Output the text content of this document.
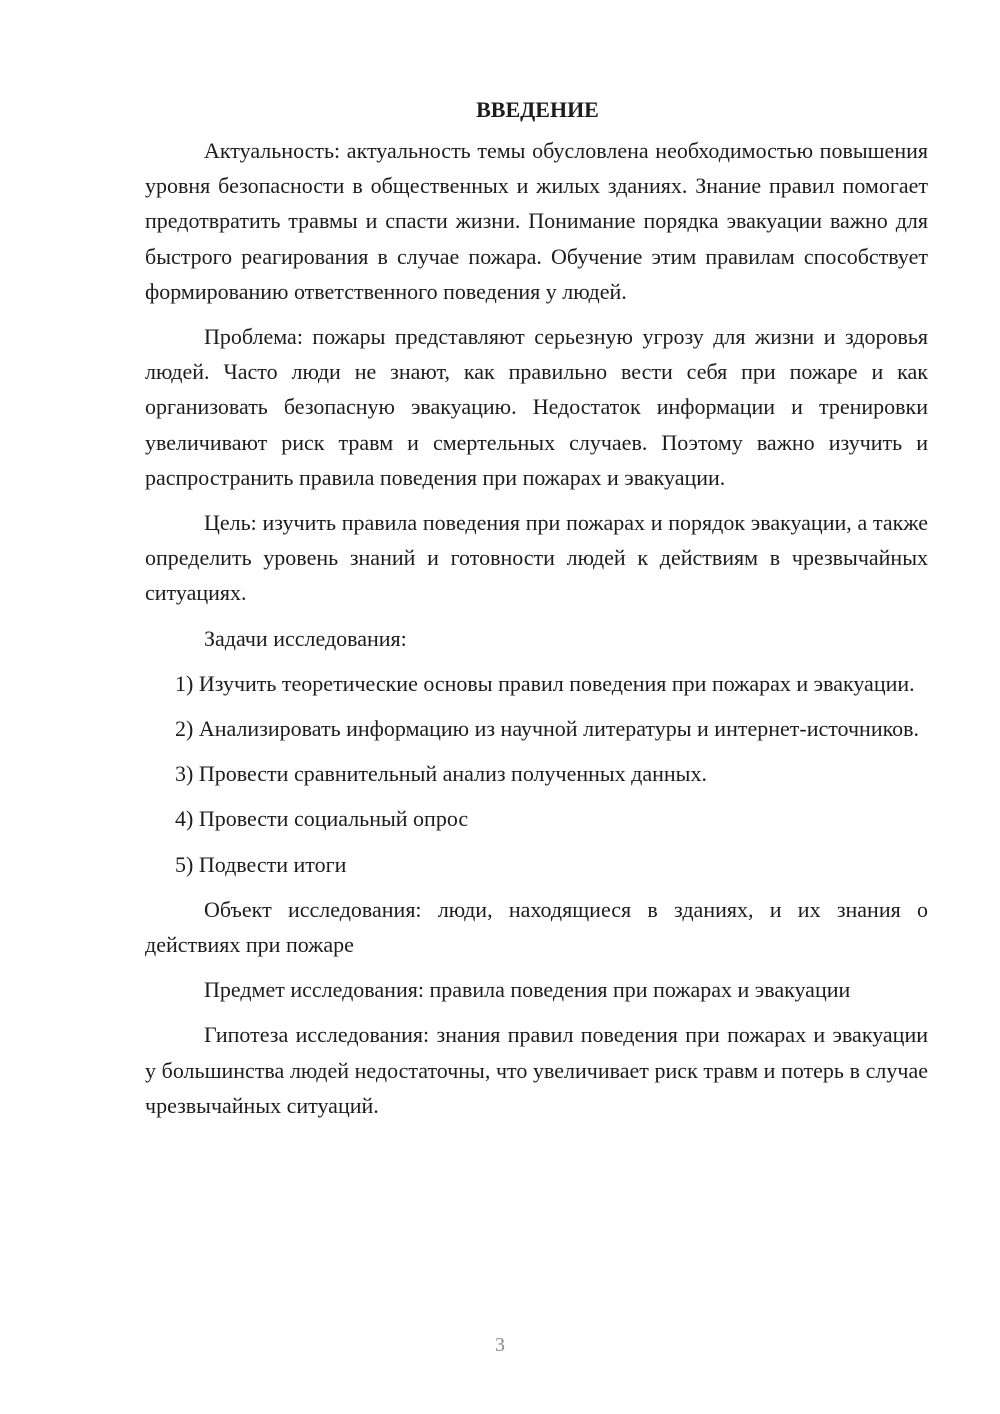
ВВЕДЕНИЕ

Актуальность: актуальность темы обусловлена необходимостью повышения уровня безопасности в общественных и жилых зданиях. Знание правил помогает предотвратить травмы и спасти жизни. Понимание порядка эвакуации важно для быстрого реагирования в случае пожара. Обучение этим правилам способствует формированию ответственного поведения у людей.

Проблема: пожары представляют серьезную угрозу для жизни и здоровья людей. Часто люди не знают, как правильно вести себя при пожаре и как организовать безопасную эвакуацию. Недостаток информации и тренировки увеличивают риск травм и смертельных случаев. Поэтому важно изучить и распространить правила поведения при пожарах и эвакуации.

Цель: изучить правила поведения при пожарах и порядок эвакуации, а также определить уровень знаний и готовности людей к действиям в чрезвычайных ситуациях.

Задачи исследования:

1) Изучить теоретические основы правил поведения при пожарах и эвакуации.

2) Анализировать информацию из научной литературы и интернет-источников.

3) Провести сравнительный анализ полученных данных.

4) Провести социальный опрос

5) Подвести итоги

Объект исследования: люди, находящиеся в зданиях, и их знания о действиях при пожаре

Предмет исследования: правила поведения при пожарах и эвакуации

Гипотеза исследования: знания правил поведения при пожарах и эвакуации у большинства людей недостаточны, что увеличивает риск травм и потерь в случае чрезвычайных ситуаций.

3
